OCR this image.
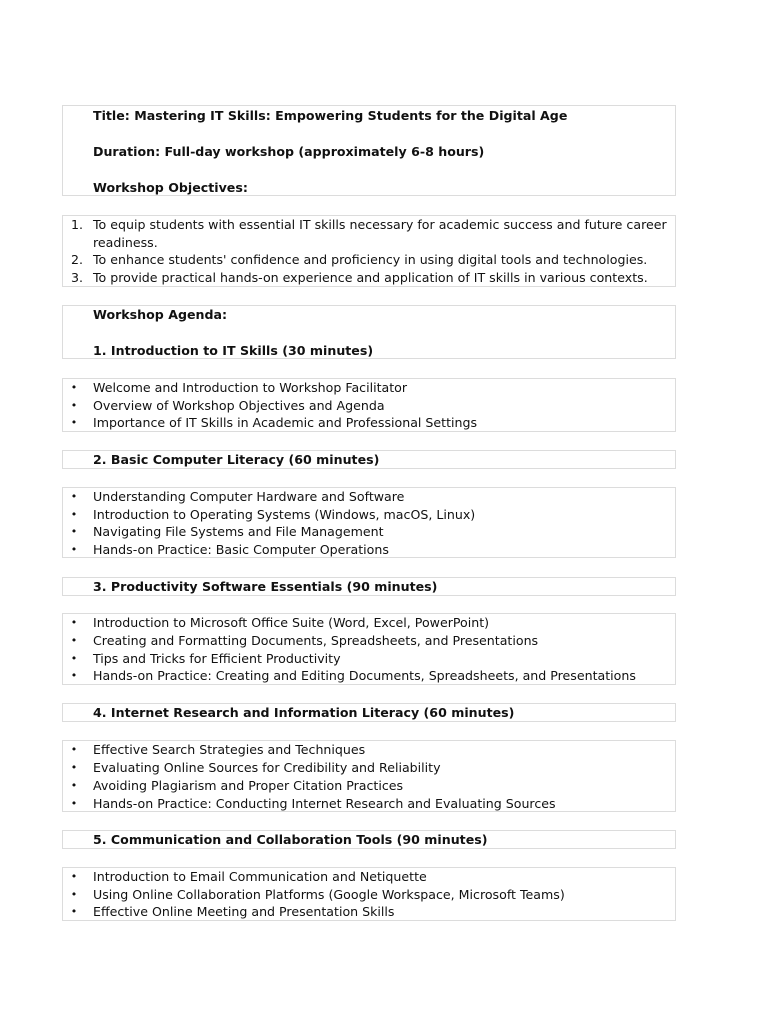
Title: Mastering IT Skills: Empowering Students for the Digital Age
Duration: Full-day workshop (approximately 6-8 hours)
Workshop Objectives:
1. To equip students with essential IT skills necessary for academic success and future career
readiness.
2. To enhance students' confidence and proficiency in using digital tools and technologies.
3. To provide practical hands-on experience and application of IT skills in various contexts.
Workshop Agenda:
1. Introduction to IT Skills (30 minutes)
• Welcome and Introduction to Workshop Facilitator
• Overview of Workshop Objectives and Agenda
• Importance of IT Skills in Academic and Professional Settings
2. Basic Computer Literacy (60 minutes)
• Understanding Computer Hardware and Software
• Introduction to Operating Systems (Windows, macOS, Linux)
• Navigating File Systems and File Management
• Hands-on Practice: Basic Computer Operations
3. Productivity Software Essentials (90 minutes)
• Introduction to Microsoft Office Suite (Word, Excel, PowerPoint)
• Creating and Formatting Documents, Spreadsheets, and Presentations
• Tips and Tricks for Efficient Productivity
• Hands-on Practice: Creating and Editing Documents, Spreadsheets, and Presentations
4. Internet Research and Information Literacy (60 minutes)
• Effective Search Strategies and Techniques
• Evaluating Online Sources for Credibility and Reliability
• Avoiding Plagiarism and Proper Citation Practices
• Hands-on Practice: Conducting Internet Research and Evaluating Sources
5. Communication and Collaboration Tools (90 minutes)
• Introduction to Email Communication and Netiquette
• Using Online Collaboration Platforms (Google Workspace, Microsoft Teams)
• Effective Online Meeting and Presentation Skills
